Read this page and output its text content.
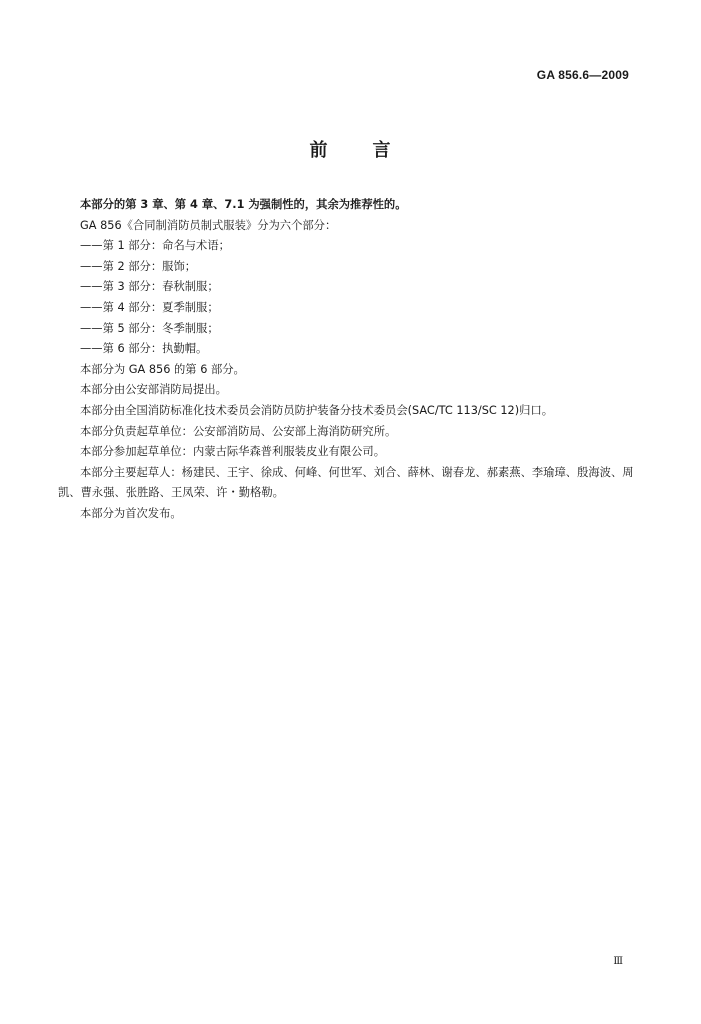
GA 856.6—2009
前 言

本部分的第 3 章、第 4 章、7.1 为强制性的，其余为推荐性的。

GA 856《合同制消防员制式服装》分为六个部分：

——第 1 部分：命名与术语；

——第 2 部分：服饰；

——第 3 部分：春秋制服；

——第 4 部分：夏季制服；

——第 5 部分：冬季制服；

——第 6 部分：执勤帽。

本部分为 GA 856 的第 6 部分。

本部分由公安部消防局提出。

本部分由全国消防标准化技术委员会消防员防护装备分技术委员会(SAC/TC 113/SC 12)归口。

本部分负责起草单位：公安部消防局、公安部上海消防研究所。

本部分参加起草单位：内蒙古际华森普利服装皮业有限公司。

本部分主要起草人：杨建民、王宇、徐成、何峰、何世军、刘合、薛林、谢春龙、郝素燕、李瑜璋、殷海波、周凯、曹永强、张胜路、王凤荣、许・勤格勒。

本部分为首次发布。

Ⅲ
